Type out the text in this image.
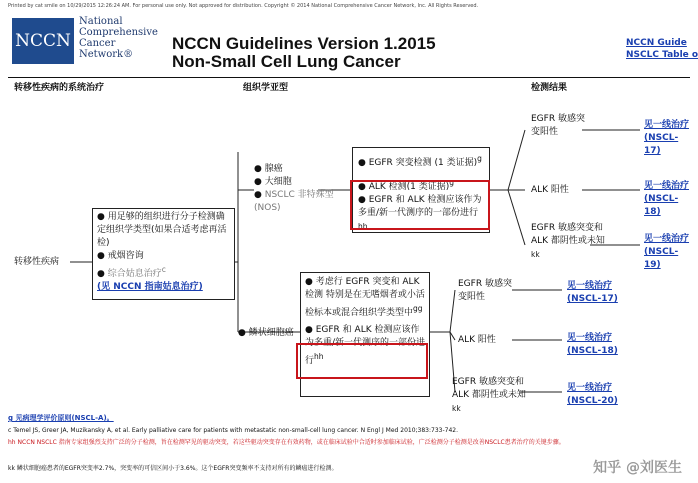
Printed by cat smile on 10/29/2015 12:26:24 AM. For personal use only. Not approved for distribution. Copyright © 2014 National Comprehensive Cancer Network, Inc. All Rights Reserved.
NCCN
National
Comprehensive
Cancer
Network®
NCCN Guidelines Version 1.2015
Non-Small Cell Lung Cancer
NCCN Guide
NSCLC Table o
转移性疾病的系统治疗	组织学亚型	检测结果
转移性疾病
● 用足够的组织进行分子检测确定组织学类型(如果合适考虑再活检)
● 戒烟咨询
● 综合姑息治疗$^c$
(见 NCCN 指南姑息治疗)
● 腺癌
● 大细胞
● NSCLC 非特殊型(NOS)
● EGFR 突变检测 (1 类证据)$^g$
● ALK 检测(1 类证据)$^g$
● EGFR 和 ALK 检测应该作为多重/新一代测序的一部份进行$^{hh}$
EGFR 敏感突变阳性
ALK 阳性
EGFR 敏感突变和 ALK 都阴性或未知$^{kk}$
见一线治疗(NSCL-17)
见一线治疗(NSCL-18)
见一线治疗(NSCL-19)
● 鳞状细胞癌
● 考虑行 EGFR 突变和 ALK 检测 特别是在无嗜烟者或小活检标本或混合组织学类型中$^{gg}$
● EGFR 和 ALK 检测应该作为多重/新一代测序的一部份进行$^{hh}$
EGFR 敏感突变阳性
ALK 阳性
EGFR 敏感突变和 ALK 都阴性或未知$^{kk}$
见一线治疗(NSCL-17)
见一线治疗(NSCL-18)
见一线治疗(NSCL-20)
g 见病理学评价原则(NSCL-A)。
c Temel JS, Greer JA, Muzikansky A, et al. Early palliative care for patients with metastatic non-small-cell lung cancer. N Engl J Med 2010;383:733-742.
hh NCCN NSCLC 指南专家组强烈支持广泛的分子检测，旨在检测罕见的驱动突变，若这些驱动突变存在有效药物，或在临床试验中合适时参加临床试验，广泛检测分子检测是改善NSCLC患者治疗的关键步骤。
kk 鳞状细胞癌患者的EGFR突变率2.7%，突变率的可信区间小于3.6%。这个EGFR突变频率不支持对所有的鳞癌进行检测。	知乎 @刘医生
